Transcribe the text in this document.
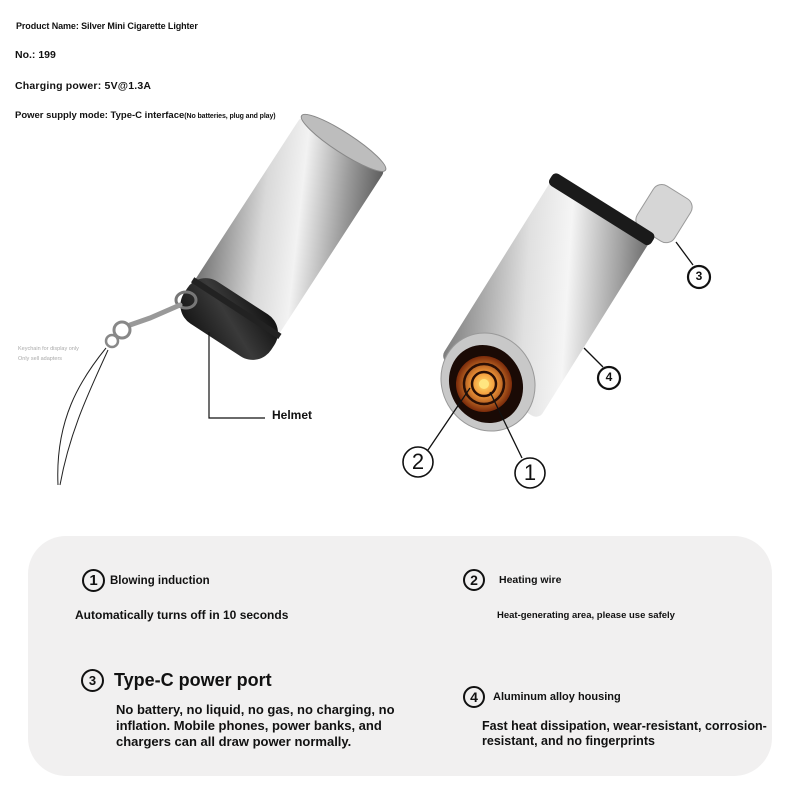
Product Name: Silver Mini Cigarette Lighter
No.: 199
Charging power: 5V@1.3A
Power supply mode: Type-C interface(No batteries, plug and play)
2	1
3
4
Keychain for display only
Only sell adapters
Helmet
1	Blowing induction
Automatically turns off in 10 seconds
2	Heating wire
Heat-generating area, please use safely
3 Type-C power port
No battery, no liquid, no gas, no charging, no inflation. Mobile phones, power banks, and chargers can all draw power normally.
4	Aluminum alloy housing
Fast heat dissipation, wear-resistant, corrosion-resistant, and no fingerprints
